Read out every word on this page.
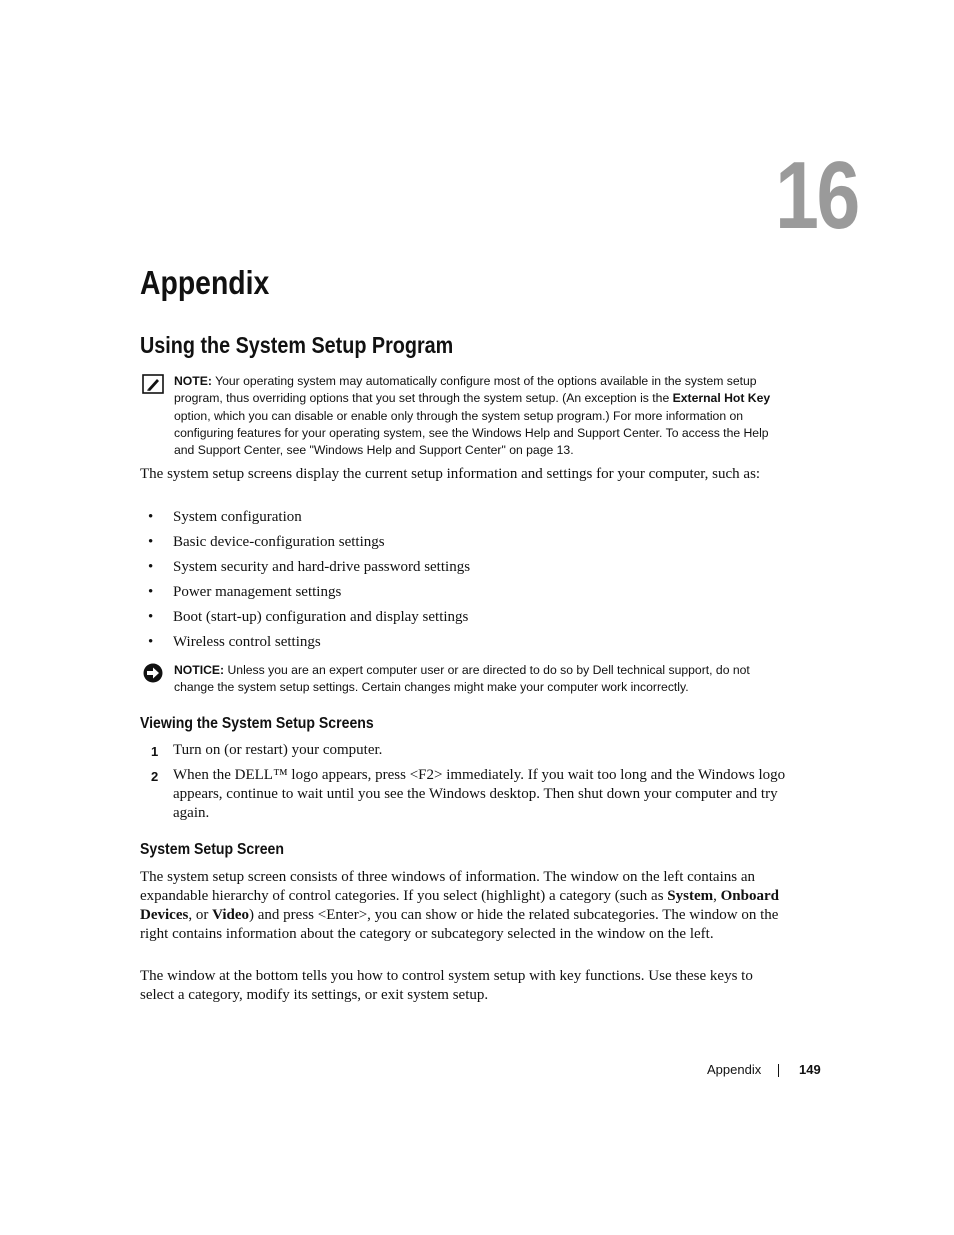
16
Appendix
Using the System Setup Program
NOTE: Your operating system may automatically configure most of the options available in the system setup program, thus overriding options that you set through the system setup. (An exception is the External Hot Key option, which you can disable or enable only through the system setup program.) For more information on configuring features for your operating system, see the Windows Help and Support Center. To access the Help and Support Center, see "Windows Help and Support Center" on page 13.
The system setup screens display the current setup information and settings for your computer, such as:
• System configuration
• Basic device-configuration settings
• System security and hard-drive password settings
• Power management settings
• Boot (start-up) configuration and display settings
• Wireless control settings
NOTICE: Unless you are an expert computer user or are directed to do so by Dell technical support, do not change the system setup settings. Certain changes might make your computer work incorrectly.
Viewing the System Setup Screens
1 Turn on (or restart) your computer.
2 When the DELL™ logo appears, press <F2> immediately. If you wait too long and the Windows logo appears, continue to wait until you see the Windows desktop. Then shut down your computer and try again.
System Setup Screen
The system setup screen consists of three windows of information. The window on the left contains an expandable hierarchy of control categories. If you select (highlight) a category (such as System, Onboard Devices, or Video) and press <Enter>, you can show or hide the related subcategories. The window on the right contains information about the category or subcategory selected in the window on the left.
The window at the bottom tells you how to control system setup with key functions. Use these keys to select a category, modify its settings, or exit system setup.
Appendix	149
